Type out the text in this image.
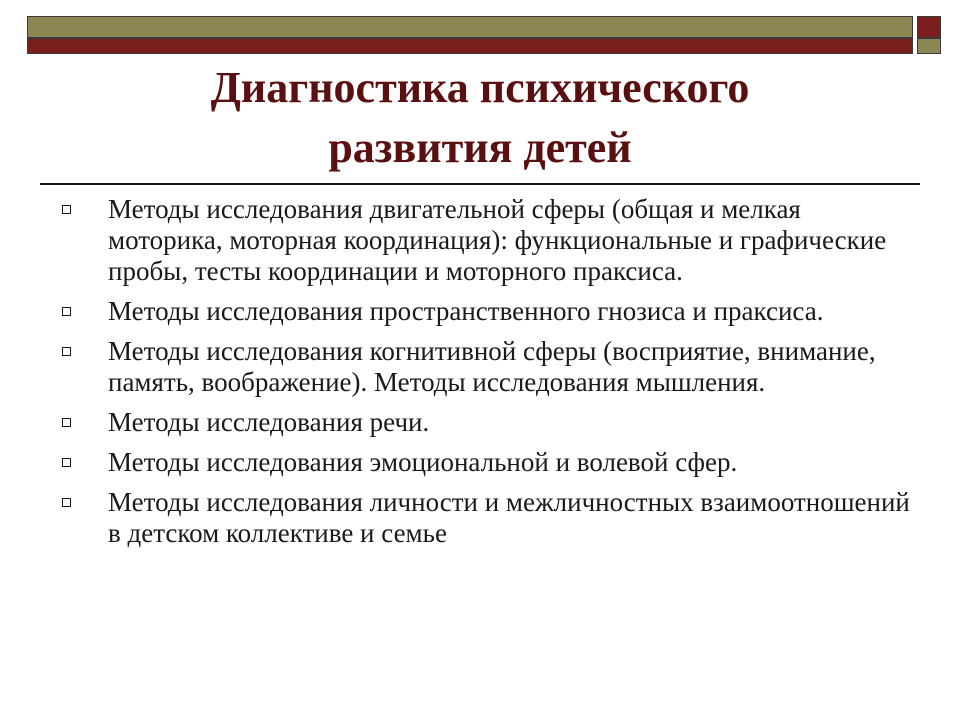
Диагностика психического
развития детей
Методы исследования двигательной сферы (общая и мелкая моторика, моторная координация): функциональные и графические пробы, тесты координации и моторного праксиса.
Методы исследования пространственного гнозиса и праксиса.
Методы исследования когнитивной сферы (восприятие, внимание, память, воображение). Методы исследования мышления.
Методы исследования речи.
Методы исследования эмоциональной и волевой сфер.
Методы исследования личности и межличностных взаимоотношений в детском коллективе и семье
